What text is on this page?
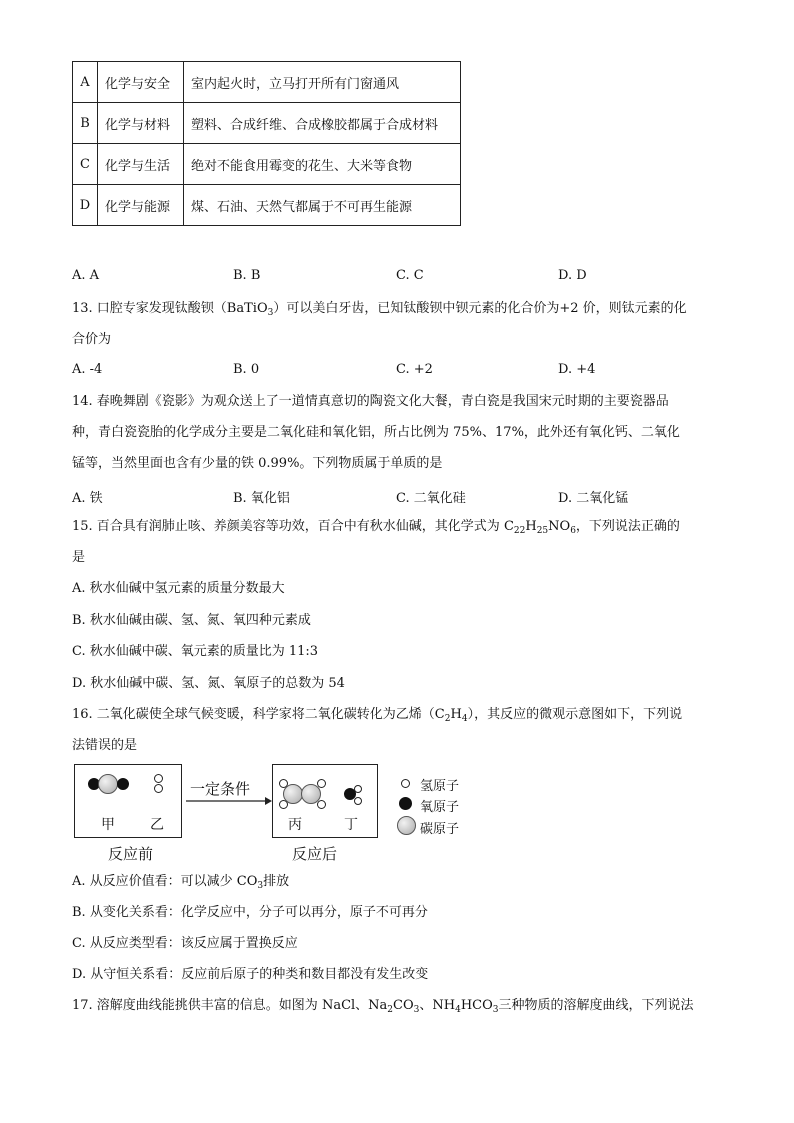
A	化学与安全	室内起火时，立马打开所有门窗通风
B	化学与材料	塑料、合成纤维、合成橡胶都属于合成材料
C	化学与生活	绝对不能食用霉变的花生、大米等食物
D	化学与能源	煤、石油、天然气都属于不可再生能源
A. A	B. B	C. C	D. D
13. 口腔专家发现钛酸钡（BaTiO$_3$）可以美白牙齿，已知钛酸钡中钡元素的化合价为+2 价，则钛元素的化
合价为
A. -4	B. 0	C. +2	D. +4
14. 春晚舞剧《瓷影》为观众送上了一道情真意切的陶瓷文化大餐，青白瓷是我国宋元时期的主要瓷器品
种，青白瓷瓷胎的化学成分主要是二氧化硅和氧化铝，所占比例为 75%、17%，此外还有氧化钙、二氧化
锰等，当然里面也含有少量的铁 0.99%。下列物质属于单质的是
A. 铁	B. 氧化铝	C. 二氧化硅	D. 二氧化锰
15. 百合具有润肺止咳、养颜美容等功效，百合中有秋水仙碱，其化学式为 $C_{22}H_{25}NO_6$，下列说法正确的
是
A. 秋水仙碱中氢元素的质量分数最大
B. 秋水仙碱由碳、氢、氮、氧四种元素成
C. 秋水仙碱中碳、氧元素的质量比为 11:3
D. 秋水仙碱中碳、氢、氮、氧原子的总数为 54
16. 二氧化碳使全球气候变暖，科学家将二氧化碳转化为乙烯$(C_2H_4)$，其反应的微观示意图如下，下列说
法错误的是
甲	乙
反应前
一定条件
丙	丁
反应后
氢原子
氧原子
碳原子
A. 从反应价值看：可以减少 $CO_3$排放
B. 从变化关系看：化学反应中，分子可以再分，原子不可再分
C. 从反应类型看：该反应属于置换反应
D. 从守恒关系看：反应前后原子的种类和数目都没有发生改变
17. 溶解度曲线能挑供丰富的信息。如图为 NaCl、$Na_2CO_3$、$NH_4HCO_3$三种物质的溶解度曲线，下列说法
